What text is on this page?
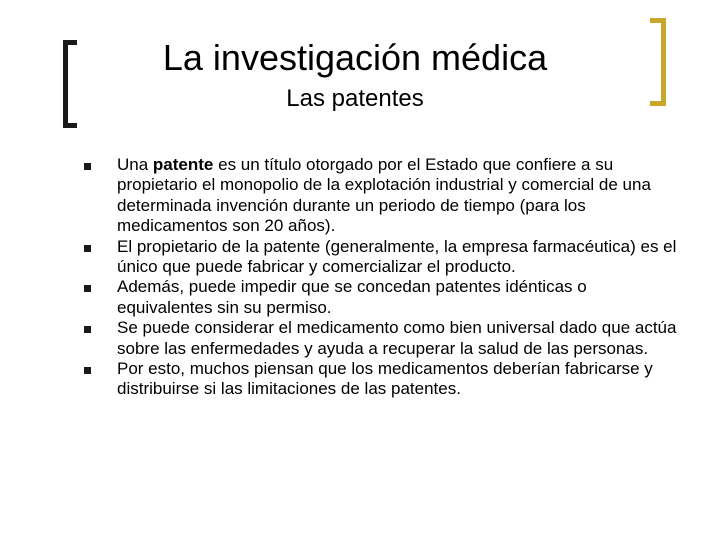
La investigación médica
Las patentes
Una patente es un título otorgado por el Estado que confiere a su propietario el monopolio de la explotación industrial y comercial de una determinada invención durante un periodo de tiempo (para los medicamentos son 20 años).
El propietario de la patente (generalmente, la empresa farmacéutica) es el único que puede fabricar y comercializar el producto.
Además, puede impedir que se concedan patentes idénticas o equivalentes sin su permiso.
Se puede considerar el medicamento como bien universal dado que actúa sobre las enfermedades y ayuda a recuperar la salud de las personas.
Por esto, muchos piensan que los medicamentos deberían fabricarse y distribuirse si las limitaciones de las patentes.
